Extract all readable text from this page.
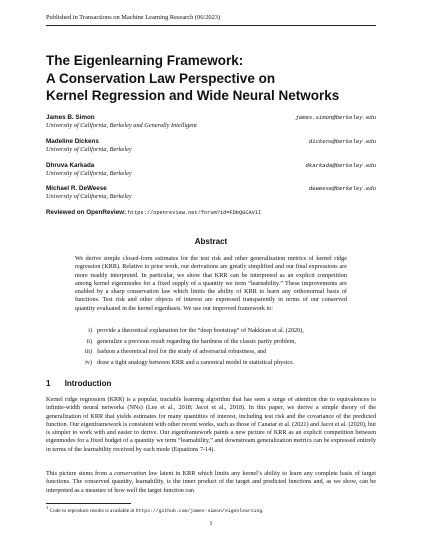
Published in Transactions on Machine Learning Research (06/2023)
The Eigenlearning Framework:
A Conservation Law Perspective on
Kernel Regression and Wide Neural Networks
James B. Simon
University of California, Berkeley and Generally Intelligent
james.simon@berkeley.edu
Madeline Dickens
University of California, Berkeley
dickens@berkeley.edu
Dhruva Karkada
University of California, Berkeley
dkarkada@berkeley.edu
Michael R. DeWeese
University of California, Berkeley
deweese@berkeley.edu
Reviewed on OpenReview: https://openreview.net/forum?id=FDbQGCAViI
Abstract

We derive simple closed-form estimates for the test risk and other generalization metrics of kernel ridge regression (KRR). Relative to prior work, our derivations are greatly simplified and our final expressions are more readily interpreted. In particular, we show that KRR can be interpreted as an explicit competition among kernel eigenmodes for a fixed supply of a quantity we term “learnability.” These improvements are enabled by a sharp conservation law which limits the ability of KRR to learn any orthonormal basis of functions. Test risk and other objects of interest are expressed transparently in terms of our conserved quantity evaluated in the kernel eigenbasis. We use our improved framework to:

i) provide a theoretical explanation for the “deep bootstrap” of Nakkiran et al. (2020),
ii) generalize a previous result regarding the hardness of the classic parity problem,
iii) fashion a theoretical tool for the study of adversarial robustness, and
iv) draw a tight analogy between KRR and a canonical model in statistical physics.
1 Introduction

Kernel ridge regression (KRR) is a popular, tractable learning algorithm that has seen a surge of attention due to equivalences to infinite-width neural networks (NNs) (Lee et al., 2018; Jacot et al., 2018). In this paper, we derive a simple theory of the generalization of KRR that yields estimates for many quantities of interest, including test risk and the covariance of the predicted function. Our eigenframework is consistent with other recent works, such as those of Canatar et al. (2021) and Jacot et al. (2020), but is simpler to work with and easier to derive. Our eigenframework paints a new picture of KRR as an explicit competition between eigenmodes for a fixed budget of a quantity we term “learnability,” and downstream generalization metrics can be expressed entirely in terms of the learnability received by each mode (Equations 7-14).

This picture stems from a conservation law latent in KRR which limits any kernel’s ability to learn any complete basis of target functions. The conserved quantity, learnability, is the inner product of the target and predicted functions and, as we show, can be interpreted as a measure of how well the target function can

$^1$ Code to reproduce results is available at https://github.com/james-simon/eigenlearning.
1
